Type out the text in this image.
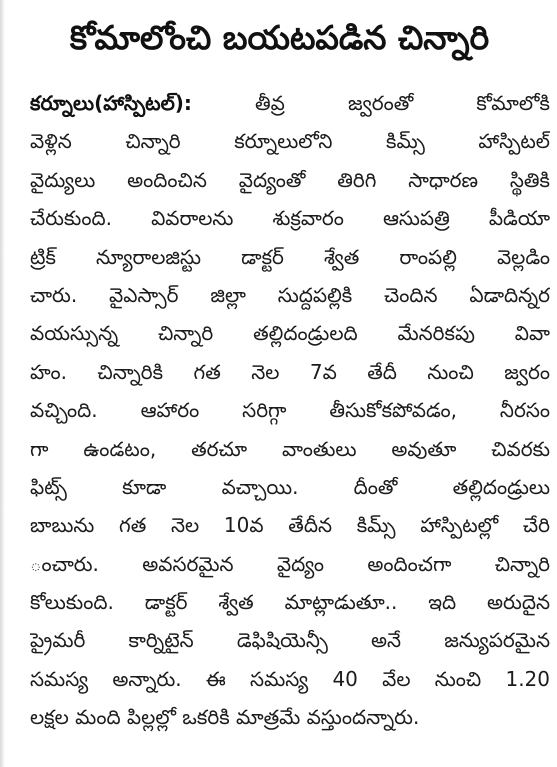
కోమాలోంచి బయటపడిన చిన్నారి
కర్నూలు(హాస్పిటల్): తీవ్ర జ్వరంతో కోమాలోకి
వెళ్లిన చిన్నారి కర్నూలులోని కిమ్స్ హాస్పిటల్
వైద్యులు అందించిన వైద్యంతో తిరిగి సాధారణ స్థితికి
చేరుకుంది. వివరాలను శుక్రవారం ఆసుపత్రి పీడియా
ట్రిక్ న్యూరాలజిస్టు డాక్టర్ శ్వేత రాంపల్లి వెల్లడిం
చారు. వైఎస్సార్ జిల్లా సుద్దపల్లికి చెందిన ఏడాదిన్నర
వయస్సున్న చిన్నారి తల్లిదండ్రులది మేనరికపు వివా
హం. చిన్నారికి గత నెల 7వ తేదీ నుంచి జ్వరం
వచ్చింది. ఆహారం సరిగ్గా తీసుకోకపోవడం, నీరసం
గా ఉండటం, తరచూ వాంతులు అవుతూ చివరకు
ఫిట్స్ కూడా వచ్చాయి. దీంతో తల్లిదండ్రులు
బాబును గత నెల 10వ తేదీన కిమ్స్ హాస్పిటల్లో చేరి
ంచారు. అవసరమైన వైద్యం అందించగా చిన్నారి
కోలుకుంది. డాక్టర్ శ్వేత మాట్లాడుతూ.. ఇది అరుదైన
ప్రైమరీ కార్నిటైన్ డెఫిషియెన్సీ అనే జన్యుపరమైన
సమస్య అన్నారు. ఈ సమస్య 40 వేల నుంచి 1.20
లక్షల మంది పిల్లల్లో ఒకరికి మాత్రమే వస్తుందన్నారు.
